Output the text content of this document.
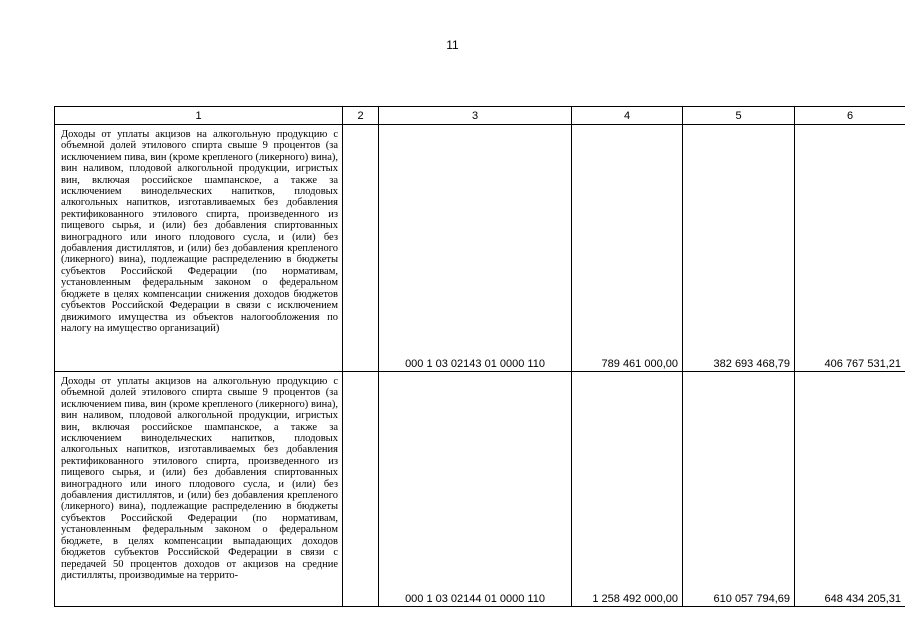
11
1	2	3	4	5	6

Доходы от уплаты акцизов на алкогольную продукцию с объемной долей этилового спирта свыше 9 процентов (за исключением пива, вин (кроме крепленого (ликерного) вина), вин наливом, плодовой алкогольной продукции, игристых вин, включая российское шампанское, а также за исключением винодельческих напитков, плодовых алкогольных напитков, изготавливаемых без добавления ректификованного этилового спирта, произведенного из пищевого сырья, и (или) без добавления спиртованных виноградного или иного плодового сусла, и (или) без добавления дистиллятов, и (или) без добавления крепленого (ликерного) вина), подлежащие распределению в бюджеты субъектов Российской Федерации (по нормативам, установленным федеральным законом о федеральном бюджете в целях компенсации снижения доходов бюджетов субъектов Российской Федерации в связи с исключением движимого имущества из объектов налогообложения по налогу на имущество организаций)		000 1 03 02143 01 0000 110	789 461 000,00	382 693 468,79	406 767 531,21

Доходы от уплаты акцизов на алкогольную продукцию с объемной долей этилового спирта свыше 9 процентов (за исключением пива, вин (кроме крепленого (ликерного) вина), вин наливом, плодовой алкогольной продукции, игристых вин, включая российское шампанское, а также за исключением винодельческих напитков, плодовых алкогольных напитков, изготавливаемых без добавления ректификованного этилового спирта, произведенного из пищевого сырья, и (или) без добавления спиртованных виноградного или иного плодового сусла, и (или) без добавления дистиллятов, и (или) без добавления крепленого (ликерного) вина), подлежащие распределению в бюджеты субъектов Российской Федерации (по нормативам, установленным федеральным законом о федеральном бюджете, в целях компенсации выпадающих доходов бюджетов субъектов Российской Федерации в связи с передачей 50 процентов доходов от акцизов на средние дистилляты, производимые на террито-		000 1 03 02144 01 0000 110	1 258 492 000,00	610 057 794,69	648 434 205,31
